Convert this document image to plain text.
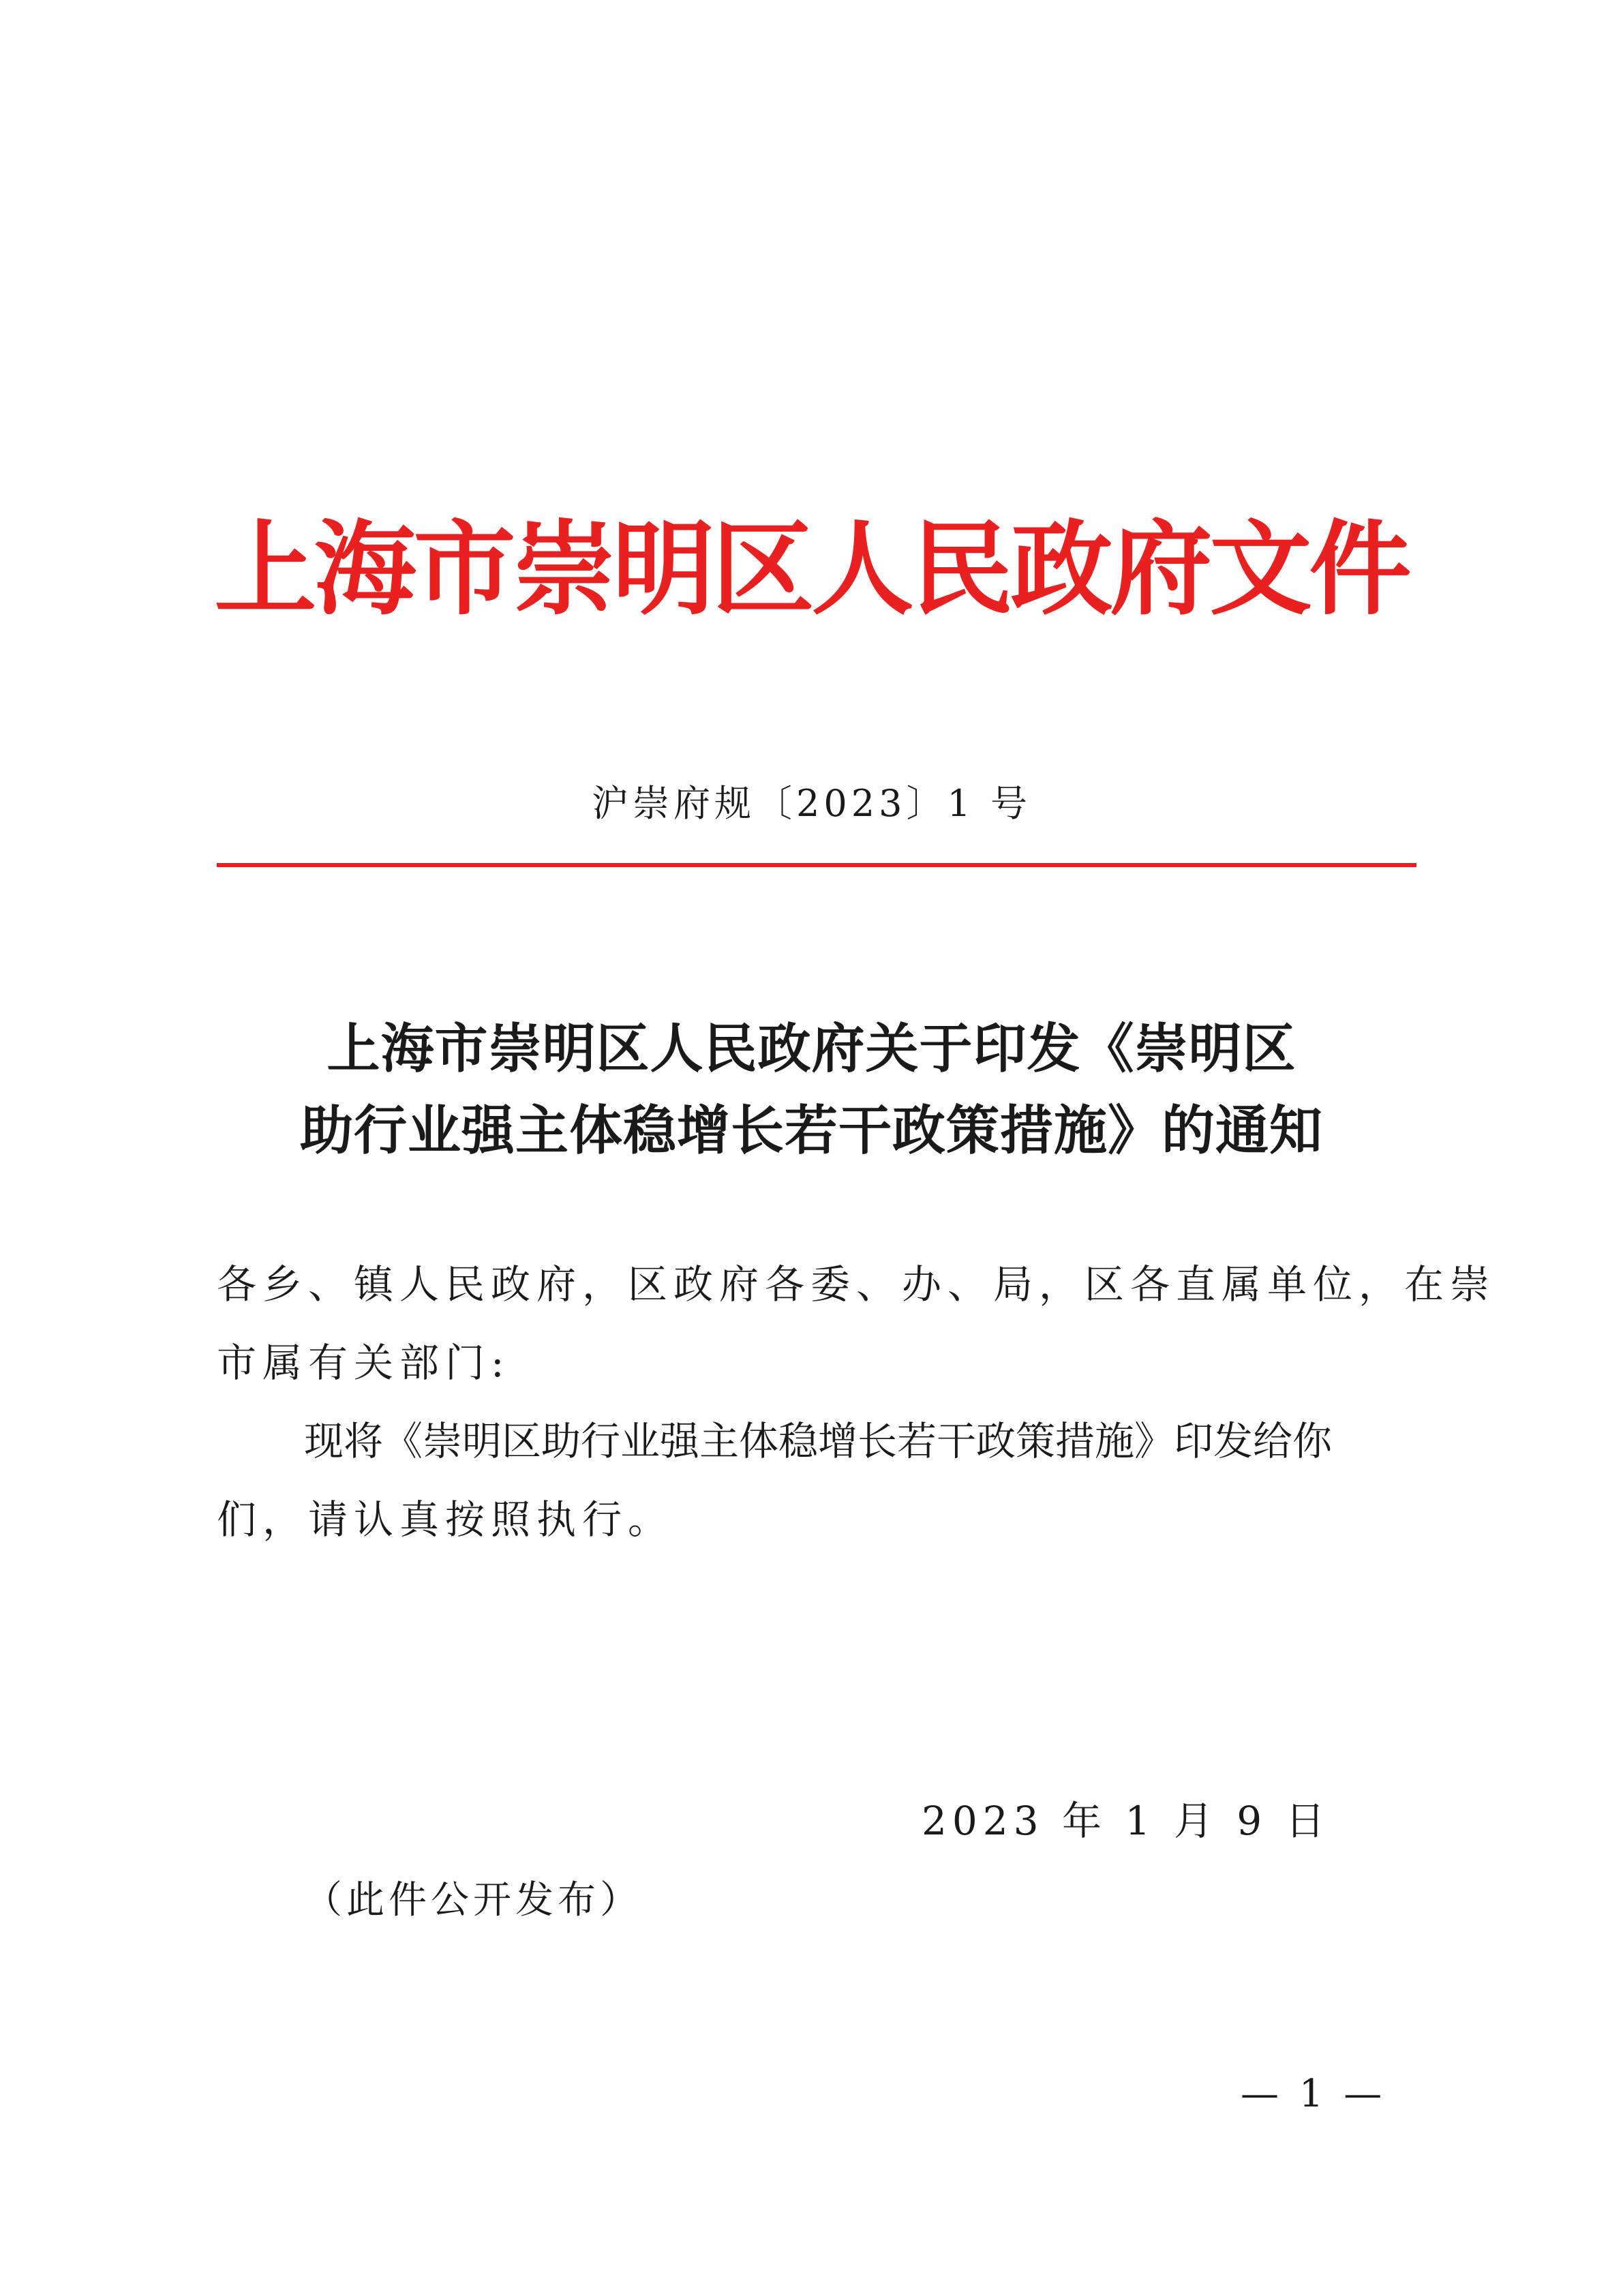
上海市崇明区人民政府文件
沪崇府规〔2023〕1 号
上海市崇明区人民政府关于印发《崇明区
助行业强主体稳增长若干政策措施》的通知
各乡、镇人民政府，区政府各委、办、局，区各直属单位，在崇
市属有关部门:
现将《崇明区助行业强主体稳增长若干政策措施》印发给你
们，请认真按照执行。
2023 年 1 月 9 日
（此件公开发布）
— 1 —
